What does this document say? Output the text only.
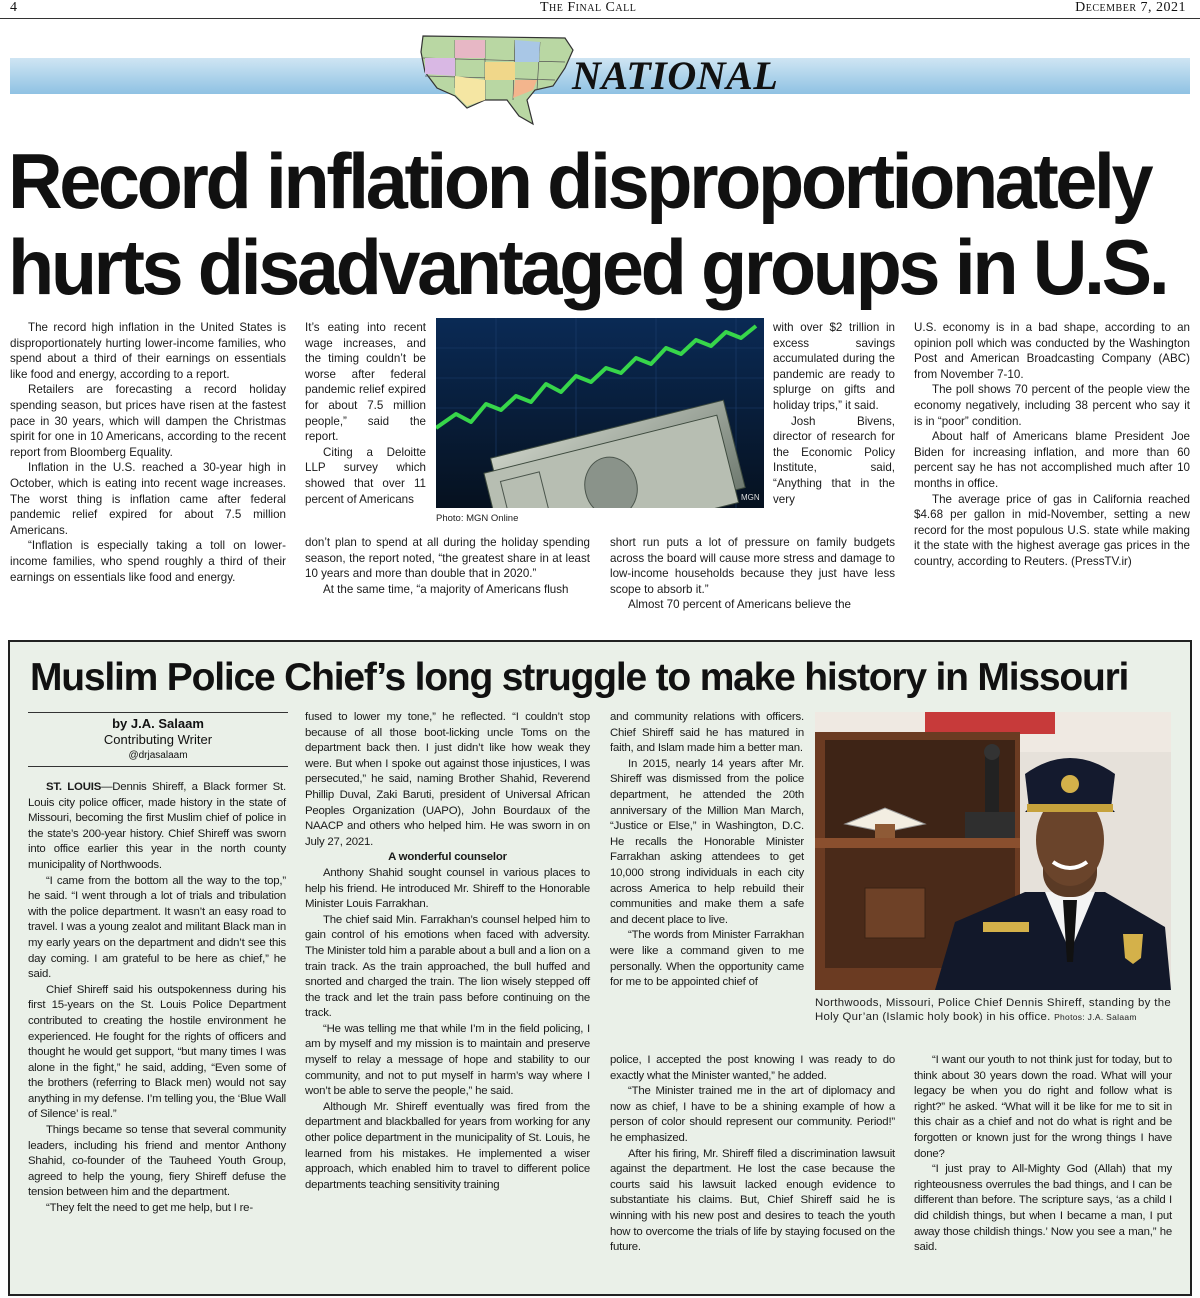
4	The Final Call	December 7, 2021
NATIONAL
Record inflation disproportionately
hurts disadvantaged groups in U.S.

The record high inflation in the United States is disproportionately hurting lower-income families, who spend about a third of their earnings on essentials like food and energy, according to a report.

Retailers are forecasting a record holiday spending season, but prices have risen at the fastest pace in 30 years, which will dampen the Christmas spirit for one in 10 Americans, according to the recent report from Bloomberg Equality.

Inflation in the U.S. reached a 30-year high in October, which is eating into recent wage increases. The worst thing is inflation came after federal pandemic relief expired for about 7.5 million Americans.

“Inflation is especially taking a toll on lower-income families, who spend roughly a third of their earnings on essentials like food and energy.

It’s eating into recent wage increases, and the timing couldn’t be worse after federal pandemic relief expired for about 7.5 million people,” said the report.

Citing a Deloitte LLP survey which showed that over 11 percent of Americans

don’t plan to spend at all during the holiday spending season, the report noted, “the greatest share in at least 10 years and more than double that in 2020.”

At the same time, “a majority of Americans flush

MGN
Photo: MGN Online

with over $2 trillion in excess savings accumulated during the pandemic are ready to splurge on gifts and holiday trips,” it said.

Josh Bivens, director of research for the Economic Policy Institute, said, “Anything that in the very

short run puts a lot of pressure on family budgets across the board will cause more stress and damage to low-income households because they just have less scope to absorb it.”

Almost 70 percent of Americans believe the

U.S. economy is in a bad shape, according to an opinion poll which was conducted by the Washington Post and American Broadcasting Company (ABC) from November 7-10.

The poll shows 70 percent of the people view the economy negatively, including 38 percent who say it is in “poor” condition.

About half of Americans blame President Joe Biden for increasing inflation, and more than 60 percent say he has not accomplished much after 10 months in office.

The average price of gas in California reached $4.68 per gallon in mid-November, setting a new record for the most populous U.S. state while making it the state with the highest average gas prices in the country, according to Reuters. (PressTV.ir)

Muslim Police Chief’s long struggle to make history in Missouri
by J.A. Salaam
Contributing Writer
@drjasalaam

ST. LOUIS—Dennis Shireff, a Black former St. Louis city police officer, made history in the state of Missouri, becoming the first Muslim chief of police in the state’s 200-year history. Chief Shireff was sworn into office earlier this year in the north county municipality of Northwoods.

“I came from the bottom all the way to the top,” he said. “I went through a lot of trials and tribulation with the police department. It wasn’t an easy road to travel. I was a young zealot and militant Black man in my early years on the department and didn’t see this day coming. I am grateful to be here as chief,” he said.

Chief Shireff said his outspokenness during his first 15-years on the St. Louis Police Department contributed to creating the hostile environment he experienced. He fought for the rights of officers and thought he would get support, “but many times I was alone in the fight,” he said, adding, “Even some of the brothers (referring to Black men) would not say anything in my defense. I’m telling you, the ‘Blue Wall of Silence’ is real.”

Things became so tense that several community leaders, including his friend and mentor Anthony Shahid, co-founder of the Tauheed Youth Group, agreed to help the young, fiery Shireff defuse the tension between him and the department.

“They felt the need to get me help, but I re-

fused to lower my tone,” he reflected. “I couldn’t stop because of all those boot-licking uncle Toms on the department back then. I just didn’t like how weak they were. But when I spoke out against those injustices, I was persecuted,” he said, naming Brother Shahid, Reverend Phillip Duval, Zaki Baruti, president of Universal African Peoples Organization (UAPO), John Bourdaux of the NAACP and others who helped him. He was sworn in on July 27, 2021.

A wonderful counselor

Anthony Shahid sought counsel in various places to help his friend. He introduced Mr. Shireff to the Honorable Minister Louis Farrakhan.

The chief said Min. Farrakhan’s counsel helped him to gain control of his emotions when faced with adversity. The Minister told him a parable about a bull and a lion on a train track. As the train approached, the bull huffed and snorted and charged the train. The lion wisely stepped off the track and let the train pass before continuing on the track.

“He was telling me that while I’m in the field policing, I am by myself and my mission is to maintain and preserve myself to relay a message of hope and stability to our community, and not to put myself in harm’s way where I won’t be able to serve the people,” he said.

Although Mr. Shireff eventually was fired from the department and blackballed for years from working for any other police department in the municipality of St. Louis, he learned from his mistakes. He implemented a wiser approach, which enabled him to travel to different police departments teaching sensitivity training

and community relations with officers. Chief Shireff said he has matured in faith, and Islam made him a better man.

In 2015, nearly 14 years after Mr. Shireff was dismissed from the police department, he attended the 20th anniversary of the Million Man March, “Justice or Else,” in Washington, D.C. He recalls the Honorable Minister Farrakhan asking attendees to get 10,000 strong individuals in each city across America to help rebuild their communities and make them a safe and decent place to live.

“The words from Minister Farrakhan were like a command given to me personally. When the opportunity came for me to be appointed chief of

Northwoods, Missouri, Police Chief Dennis Shireff, standing by the Holy Qur’an (Islamic holy book) in his office. Photos: J.A. Salaam

police, I accepted the post knowing I was ready to do exactly what the Minister wanted,” he added.

“The Minister trained me in the art of diplomacy and now as chief, I have to be a shining example of how a person of color should represent our community. Period!” he emphasized.

After his firing, Mr. Shireff filed a discrimination lawsuit against the department. He lost the case because the courts said his lawsuit lacked enough evidence to substantiate his claims. But, Chief Shireff said he is winning with his new post and desires to teach the youth how to overcome the trials of life by staying focused on the future.

“I want our youth to not think just for today, but to think about 30 years down the road. What will your legacy be when you do right and follow what is right?” he asked. “What will it be like for me to sit in this chair as a chief and not do what is right and be forgotten or known just for the wrong things I have done?

“I just pray to All-Mighty God (Allah) that my righteousness overrules the bad things, and I can be different than before. The scripture says, ‘as a child I did childish things, but when I became a man, I put away those childish things.’ Now you see a man,” he said.
